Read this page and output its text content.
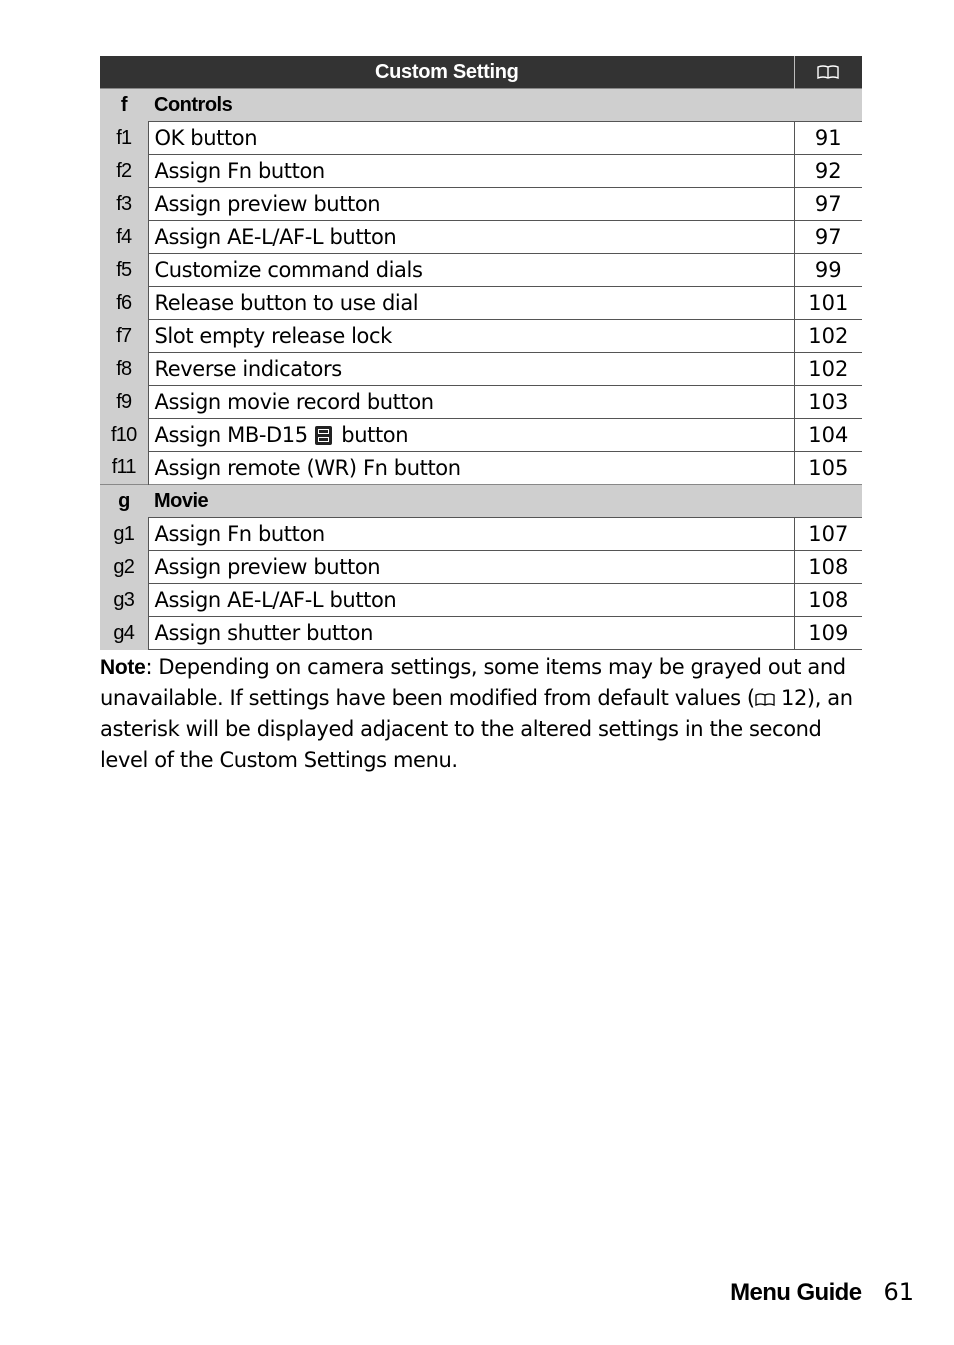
Custom Setting	
f	Controls	
f1	OK button	91
f2	Assign Fn button	92
f3	Assign preview button	97
f4	Assign AE-L/AF-L button	97
f5	Customize command dials	99
f6	Release button to use dial	101
f7	Slot empty release lock	102
f8	Reverse indicators	102
f9	Assign movie record button	103
f10	Assign MB-D15 button	104
f11	Assign remote (WR) Fn button	105
g	Movie	
g1	Assign Fn button	107
g2	Assign preview button	108
g3	Assign AE-L/AF-L button	108
g4	Assign shutter button	109
Note: Depending on camera settings, some items may be grayed out and unavailable. If settings have been modified from default values ( 12), an asterisk will be displayed adjacent to the altered settings in the second level of the Custom Settings menu.
Menu Guide 61
